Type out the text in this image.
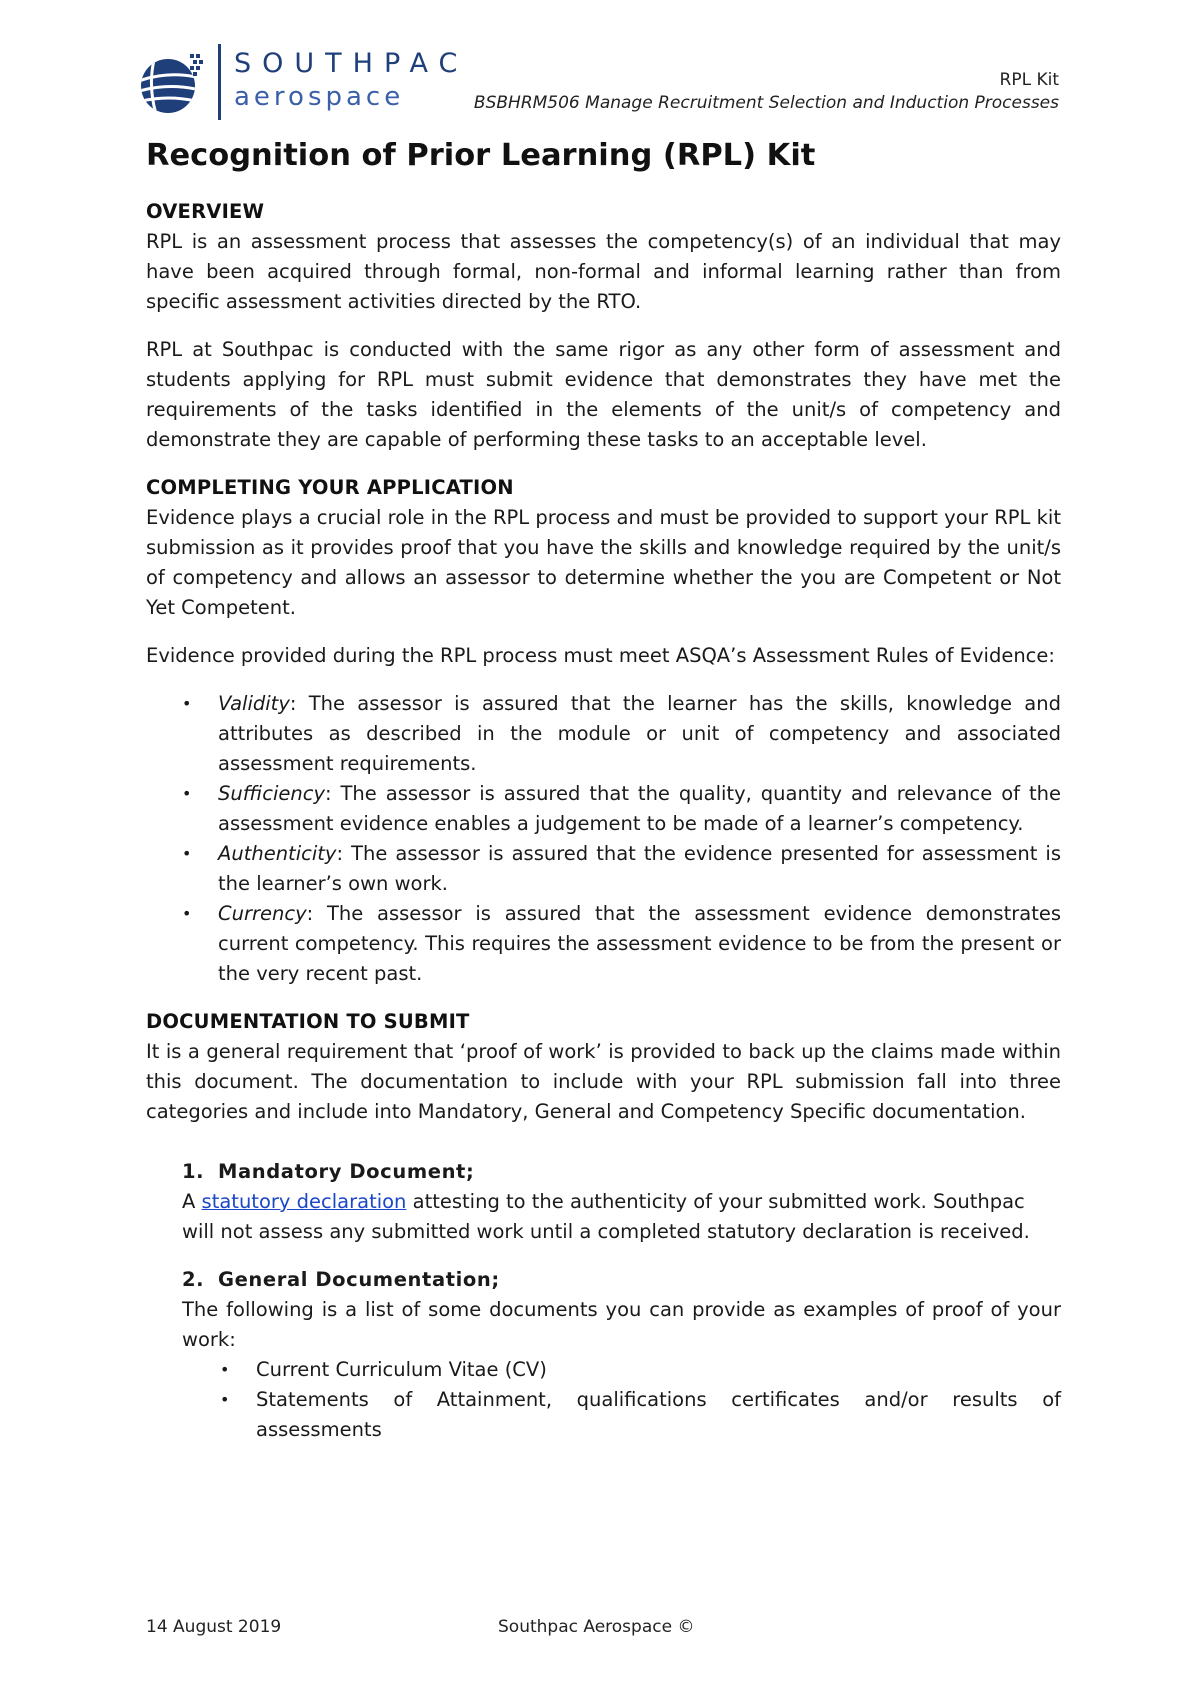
SOUTHPAC
aerospace
RPL Kit
BSBHRM506 Manage Recruitment Selection and Induction Processes
Recognition of Prior Learning (RPL) Kit
OVERVIEW

RPL is an assessment process that assesses the competency(s) of an individual that may have been acquired through formal, non-formal and informal learning rather than from specific assessment activities directed by the RTO.

RPL at Southpac is conducted with the same rigor as any other form of assessment and students applying for RPL must submit evidence that demonstrates they have met the requirements of the tasks identified in the elements of the unit/s of competency and demonstrate they are capable of performing these tasks to an acceptable level.

COMPLETING YOUR APPLICATION

Evidence plays a crucial role in the RPL process and must be provided to support your RPL kit submission as it provides proof that you have the skills and knowledge required by the unit/s of competency and allows an assessor to determine whether the you are Competent or Not Yet Competent.

Evidence provided during the RPL process must meet ASQA’s Assessment Rules of Evidence:

• Validity: The assessor is assured that the learner has the skills, knowledge and attributes as described in the module or unit of competency and associated assessment requirements.
• Sufficiency: The assessor is assured that the quality, quantity and relevance of the assessment evidence enables a judgement to be made of a learner’s competency.
• Authenticity: The assessor is assured that the evidence presented for assessment is the learner’s own work.
• Currency: The assessor is assured that the assessment evidence demonstrates current competency. This requires the assessment evidence to be from the present or the very recent past.
DOCUMENTATION TO SUBMIT

It is a general requirement that ‘proof of work’ is provided to back up the claims made within this document. The documentation to include with your RPL submission fall into three categories and include into Mandatory, General and Competency Specific documentation.

1. Mandatory Document;

A statutory declaration attesting to the authenticity of your submitted work. Southpac will not assess any submitted work until a completed statutory declaration is received.

2. General Documentation;

The following is a list of some documents you can provide as examples of proof of your work:

• Current Curriculum Vitae (CV)
• Statements of Attainment, qualifications certificates and/or results of assessments
14 August 2019	Southpac Aerospace ©
